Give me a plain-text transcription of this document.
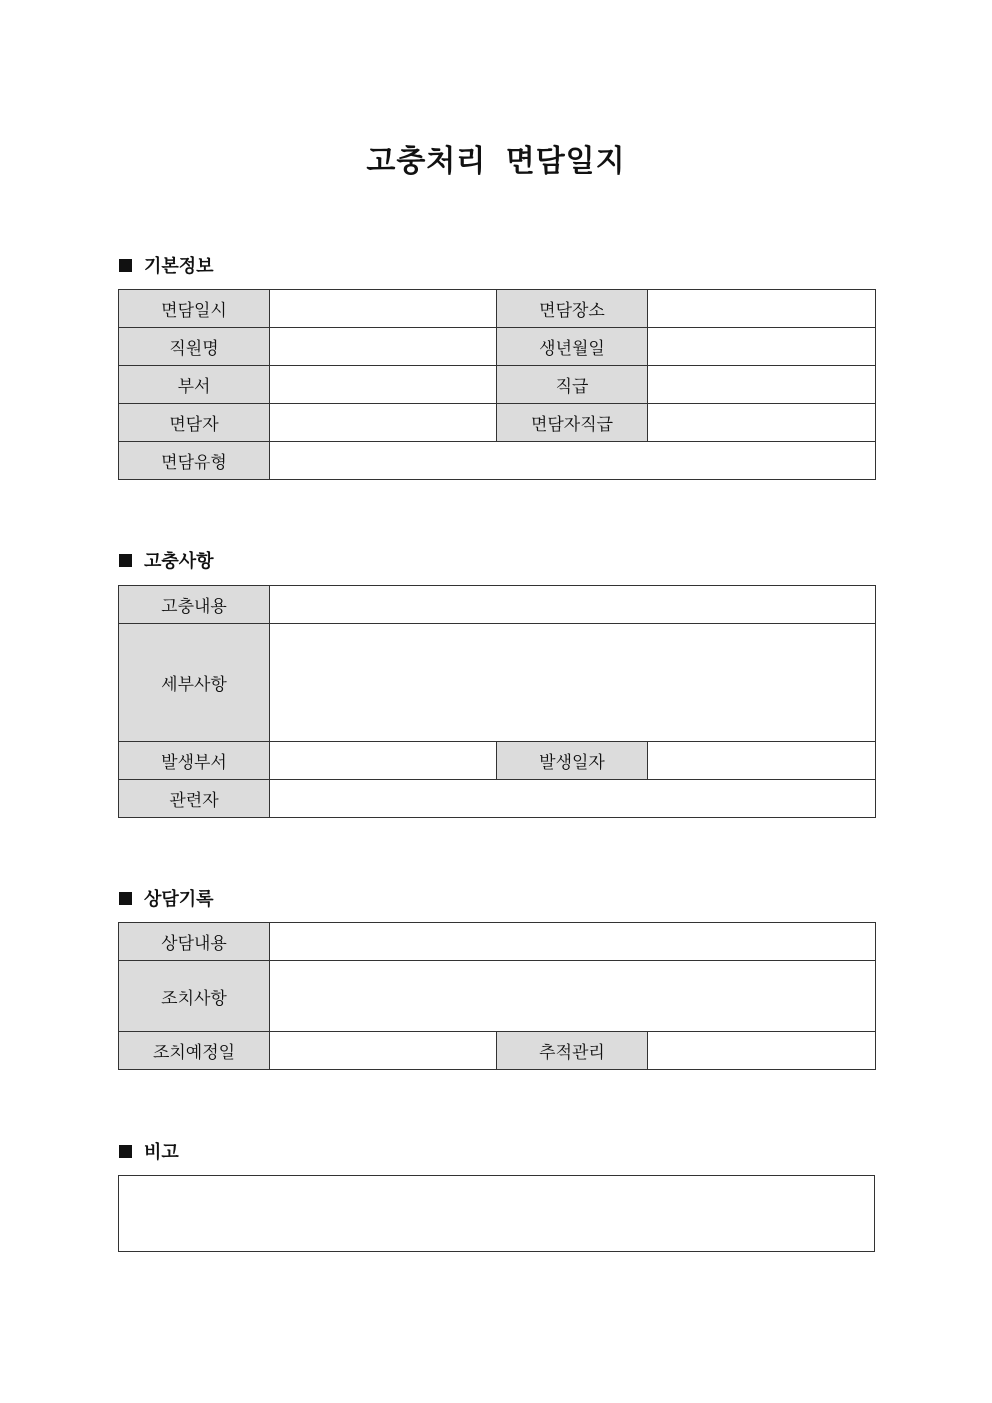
고충처리 면담일지
기본정보
면담일시		면담장소	
직원명		생년월일	
부서		직급	
면담자		면담자직급	
면담유형			
고충사항
고충내용			
세부사항			
발생부서		발생일자	
관련자			
상담기록
상담내용			
조치사항			
조치예정일		추적관리	
비고
